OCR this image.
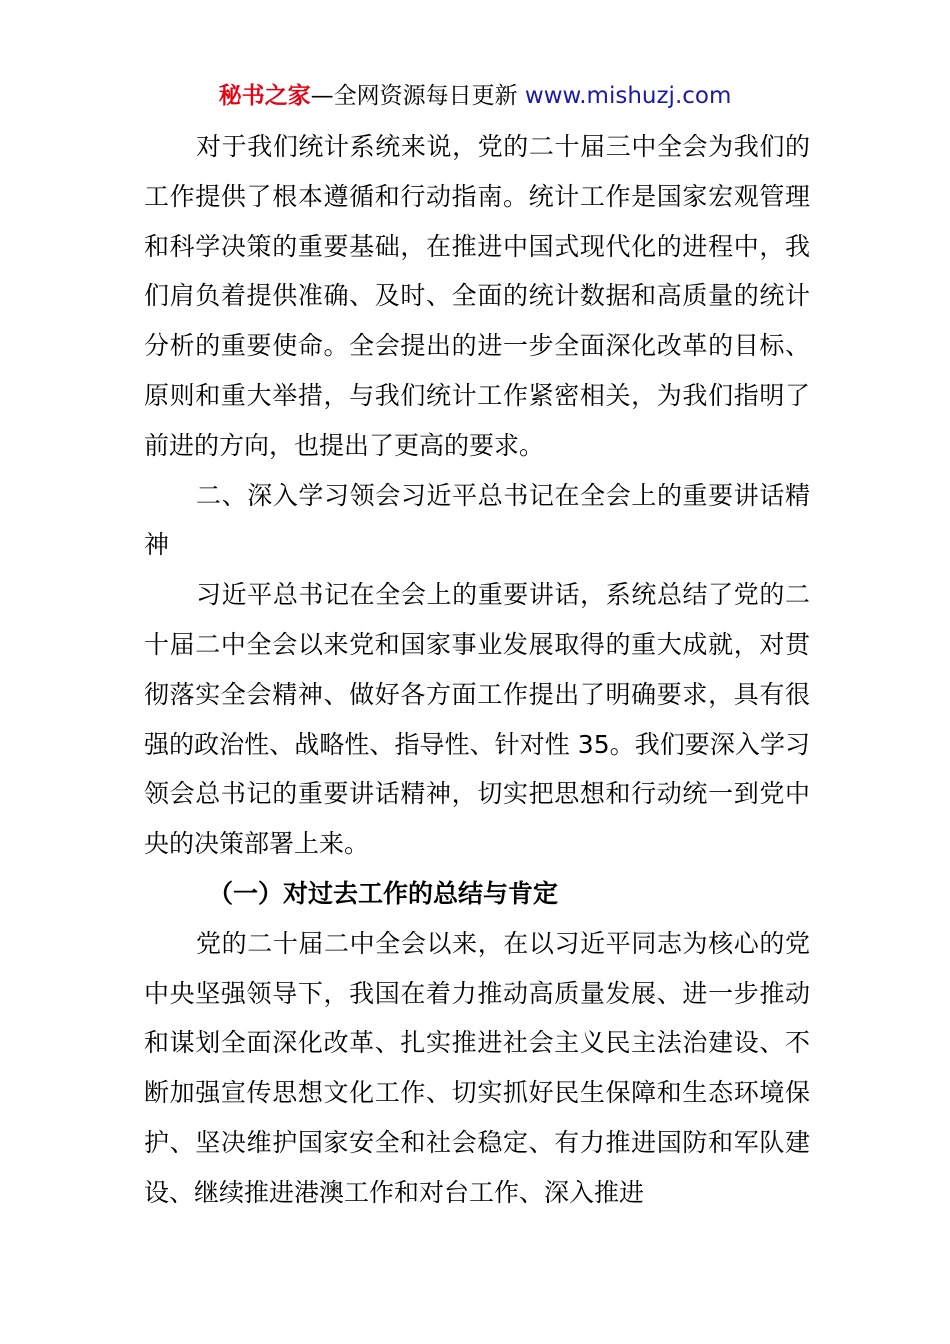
秘书之家—全网资源每日更新 www.mishuzj.com

对于我们统计系统来说，党的二十届三中全会为我们的工作提供了根本遵循和行动指南。统计工作是国家宏观管理和科学决策的重要基础，在推进中国式现代化的进程中，我们肩负着提供准确、及时、全面的统计数据和高质量的统计分析的重要使命。全会提出的进一步全面深化改革的目标、原则和重大举措，与我们统计工作紧密相关，为我们指明了前进的方向，也提出了更高的要求。

二、深入学习领会习近平总书记在全会上的重要讲话精神

习近平总书记在全会上的重要讲话，系统总结了党的二十届二中全会以来党和国家事业发展取得的重大成就，对贯彻落实全会精神、做好各方面工作提出了明确要求，具有很强的政治性、战略性、指导性、针对性 35。我们要深入学习领会总书记的重要讲话精神，切实把思想和行动统一到党中央的决策部署上来。

（一）对过去工作的总结与肯定

党的二十届二中全会以来，在以习近平同志为核心的党中央坚强领导下，我国在着力推动高质量发展、进一步推动和谋划全面深化改革、扎实推进社会主义民主法治建设、不断加强宣传思想文化工作、切实抓好民生保障和生态环境保护、坚决维护国家安全和社会稳定、有力推进国防和军队建设、继续推进港澳工作和对台工作、深入推进
